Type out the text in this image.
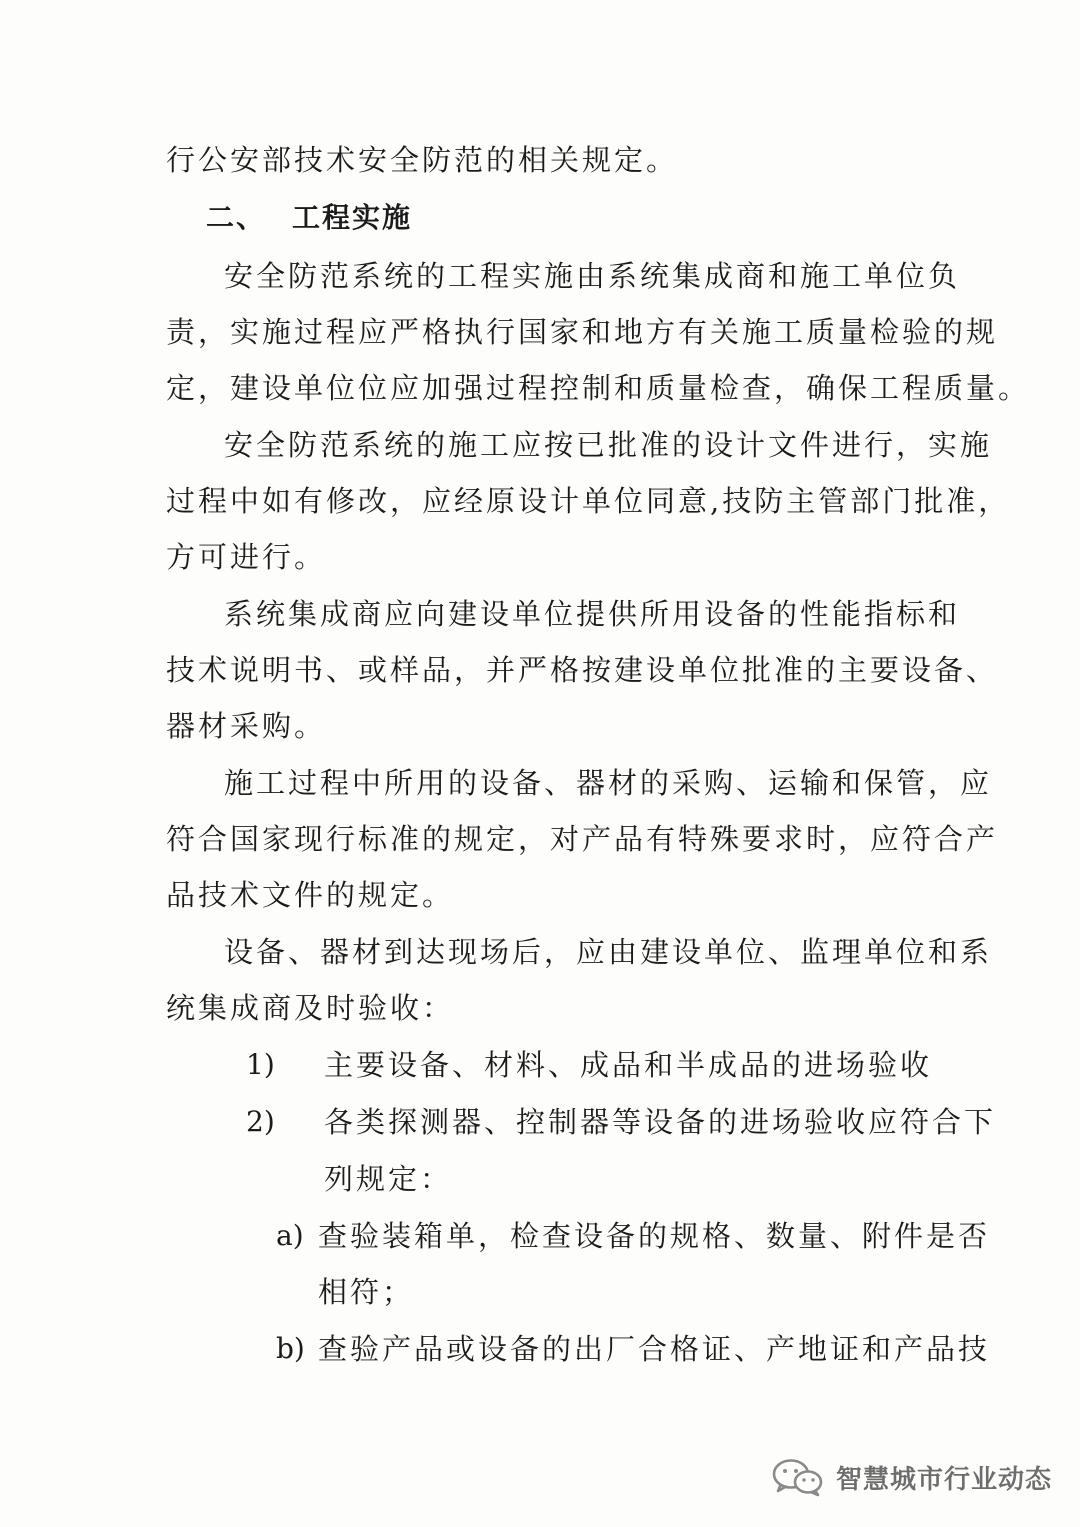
行公安部技术安全防范的相关规定。
二、 工程实施
安全防范系统的工程实施由系统集成商和施工单位负
责，实施过程应严格执行国家和地方有关施工质量检验的规
定，建设单位位应加强过程控制和质量检查，确保工程质量。
安全防范系统的施工应按已批准的设计文件进行，实施
过程中如有修改，应经原设计单位同意,技防主管部门批准，
方可进行。
系统集成商应向建设单位提供所用设备的性能指标和
技术说明书、或样品，并严格按建设单位批准的主要设备、
器材采购。
施工过程中所用的设备、器材的采购、运输和保管，应
符合国家现行标准的规定，对产品有特殊要求时，应符合产
品技术文件的规定。
设备、器材到达现场后，应由建设单位、监理单位和系
统集成商及时验收：
1) 主要设备、材料、成品和半成品的进场验收
2) 各类探测器、控制器等设备的进场验收应符合下
列规定：
a) 查验装箱单，检查设备的规格、数量、附件是否
相符；
b) 查验产品或设备的出厂合格证、产地证和产品技
智慧城市行业动态
